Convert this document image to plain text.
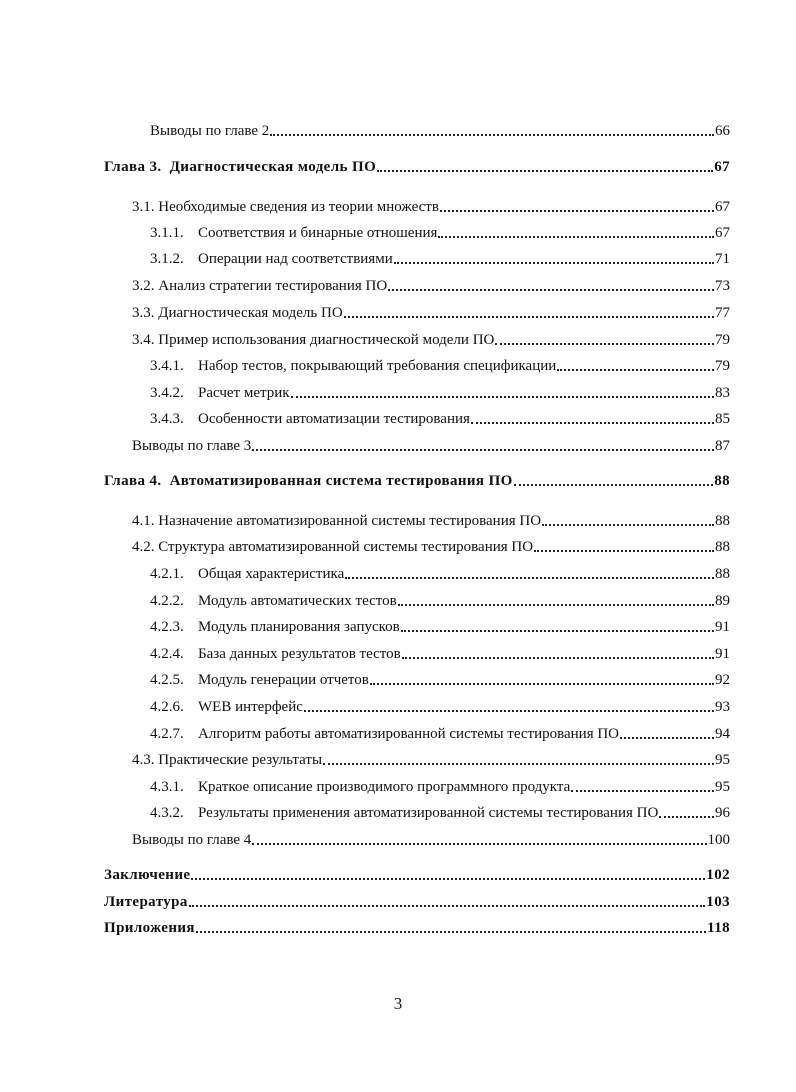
Выводы по главе 2	66
Глава 3. Диагностическая модель ПО	67
3.1. Необходимые сведения из теории множеств	67
3.1.1. Соответствия и бинарные отношения	67
3.1.2. Операции над соответствиями	71
3.2. Анализ стратегии тестирования ПО	73
3.3. Диагностическая модель ПО	77
3.4. Пример использования диагностической модели ПО	79
3.4.1. Набор тестов, покрывающий требования спецификации	79
3.4.2. Расчет метрик	83
3.4.3. Особенности автоматизации тестирования	85
Выводы по главе 3	87
Глава 4. Автоматизированная система тестирования ПО	88
4.1. Назначение автоматизированной системы тестирования ПО	88
4.2. Структура автоматизированной системы тестирования ПО	88
4.2.1. Общая характеристика	88
4.2.2. Модуль автоматических тестов	89
4.2.3. Модуль планирования запусков	91
4.2.4. База данных результатов тестов	91
4.2.5. Модуль генерации отчетов	92
4.2.6. WEB интерфейс	93
4.2.7. Алгоритм работы автоматизированной системы тестирования ПО	94
4.3. Практические результаты	95
4.3.1. Краткое описание производимого программного продукта	95
4.3.2. Результаты применения автоматизированной системы тестирования ПО	96
Выводы по главе 4	100
Заключение	102
Литература	103
Приложения	118
3
